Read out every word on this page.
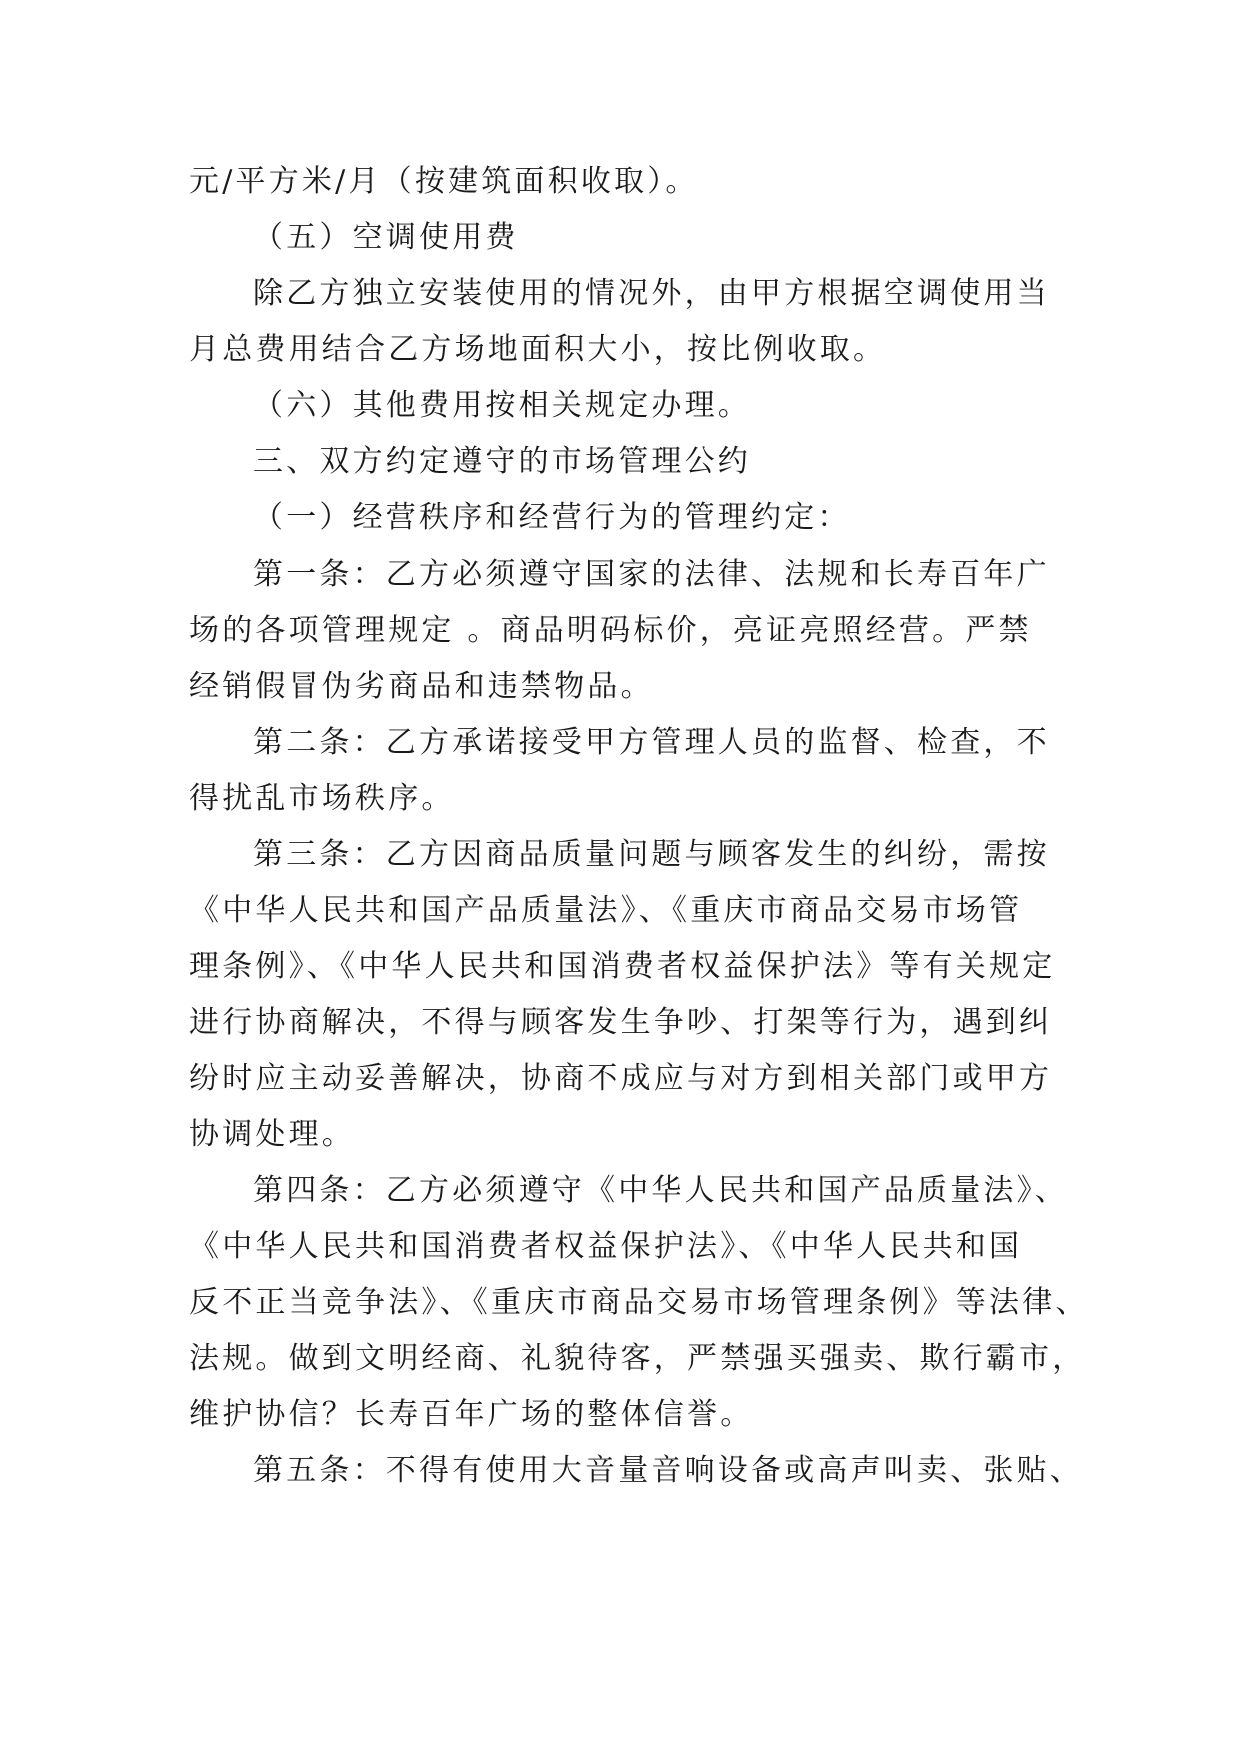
元/平方米/月（按建筑面积收取）。
（五）空调使用费
除乙方独立安装使用的情况外，由甲方根据空调使用当
月总费用结合乙方场地面积大小，按比例收取。
（六）其他费用按相关规定办理。
三、双方约定遵守的市场管理公约
（一）经营秩序和经营行为的管理约定：
第一条：乙方必须遵守国家的法律、法规和长寿百年广
场的各项管理规定 。商品明码标价，亮证亮照经营。严禁
经销假冒伪劣商品和违禁物品。
第二条：乙方承诺接受甲方管理人员的监督、检查，不
得扰乱市场秩序。
第三条：乙方因商品质量问题与顾客发生的纠纷，需按
《中华人民共和国产品质量法》、《重庆市商品交易市场管
理条例》、《中华人民共和国消费者权益保护法》等有关规定
进行协商解决，不得与顾客发生争吵、打架等行为，遇到纠
纷时应主动妥善解决，协商不成应与对方到相关部门或甲方
协调处理。
第四条：乙方必须遵守《中华人民共和国产品质量法》、
《中华人民共和国消费者权益保护法》、《中华人民共和国
反不正当竞争法》、《重庆市商品交易市场管理条例》等法律、
法规。做到文明经商、礼貌待客，严禁强买强卖、欺行霸市，
维护协信？长寿百年广场的整体信誉。
第五条：不得有使用大音量音响设备或高声叫卖、张贴、
